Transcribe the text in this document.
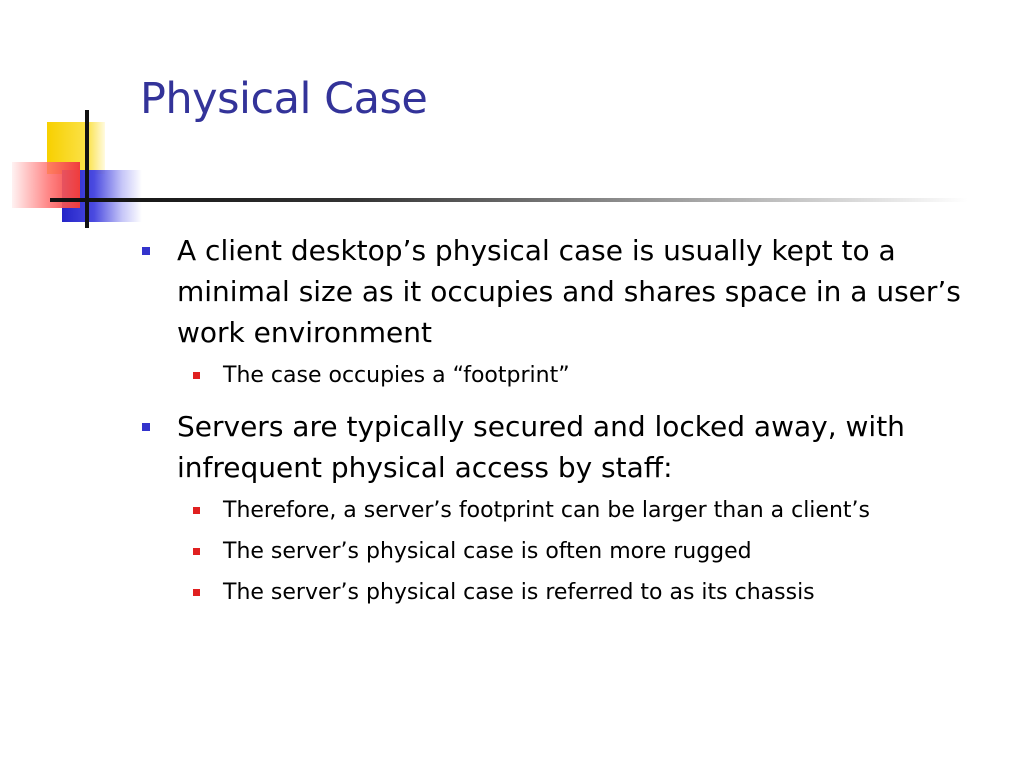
Physical Case
A client desktop’s physical case is usually kept to a minimal size as it occupies and shares space in a user’s work environment
The case occupies a “footprint”
Servers are typically secured and locked away, with infrequent physical access by staff:
Therefore, a server’s footprint can be larger than a client’s
The server’s physical case is often more rugged
The server’s physical case is referred to as its chassis
